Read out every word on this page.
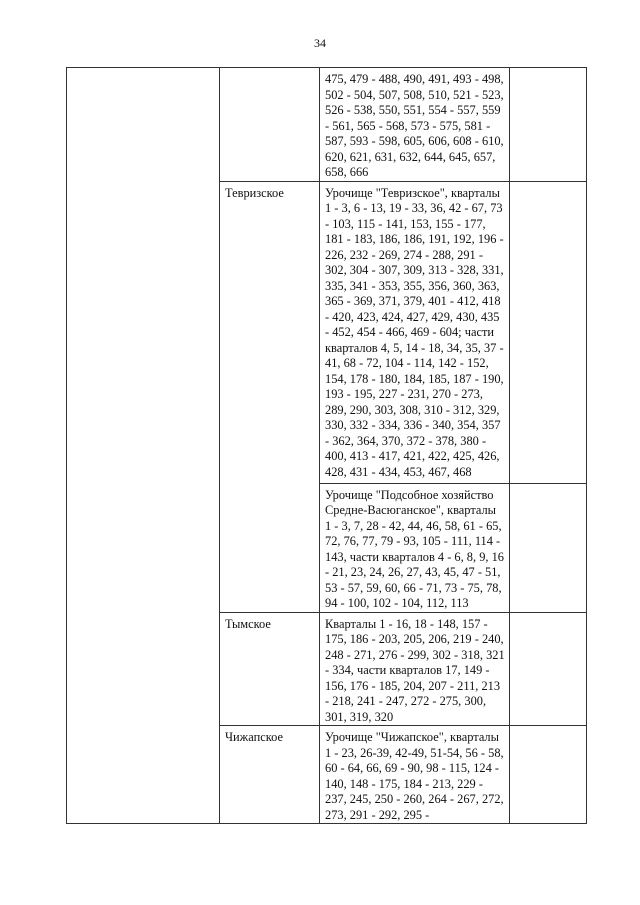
34

		475, 479 - 488, 490, 491, 493 - 498, 502 - 504, 507, 508, 510, 521 - 523, 526 - 538, 550, 551, 554 - 557, 559 - 561, 565 - 568, 573 - 575, 581 - 587, 593 - 598, 605, 606, 608 - 610, 620, 621, 631, 632, 644, 645, 657, 658, 666	

	Тевризское	Урочище "Тевризское", кварталы 1 - 3, 6 - 13, 19 - 33, 36, 42 - 67, 73 - 103, 115 - 141, 153, 155 - 177, 181 - 183, 186, 186, 191, 192, 196 - 226, 232 - 269, 274 - 288, 291 - 302, 304 - 307, 309, 313 - 328, 331, 335, 341 - 353, 355, 356, 360, 363, 365 - 369, 371, 379, 401 - 412, 418 - 420, 423, 424, 427, 429, 430, 435 - 452, 454 - 466, 469 - 604; части кварталов 4, 5, 14 - 18, 34, 35, 37 - 41, 68 - 72, 104 - 114, 142 - 152, 154, 178 - 180, 184, 185, 187 - 190, 193 - 195, 227 - 231, 270 - 273, 289, 290, 303, 308, 310 - 312, 329, 330, 332 - 334, 336 - 340, 354, 357 - 362, 364, 370, 372 - 378, 380 - 400, 413 - 417, 421, 422, 425, 426, 428, 431 - 434, 453, 467, 468	

		Урочище "Подсобное хозяйство Средне-Васюганское", кварталы 1 - 3, 7, 28 - 42, 44, 46, 58, 61 - 65, 72, 76, 77, 79 - 93, 105 - 111, 114 - 143, части кварталов 4 - 6, 8, 9, 16 - 21, 23, 24, 26, 27, 43, 45, 47 - 51, 53 - 57, 59, 60, 66 - 71, 73 - 75, 78, 94 - 100, 102 - 104, 112, 113	

	Тымское	Кварталы 1 - 16, 18 - 148, 157 - 175, 186 - 203, 205, 206, 219 - 240, 248 - 271, 276 - 299, 302 - 318, 321 - 334, части кварталов 17, 149 - 156, 176 - 185, 204, 207 - 211, 213 - 218, 241 - 247, 272 - 275, 300, 301, 319, 320	

	Чижапское	Урочище "Чижапское", кварталы 1 - 23, 26-39, 42-49, 51-54, 56 - 58, 60 - 64, 66, 69 - 90, 98 - 115, 124 - 140, 148 - 175, 184 - 213, 229 - 237, 245, 250 - 260, 264 - 267, 272, 273, 291 - 292, 295 -	
